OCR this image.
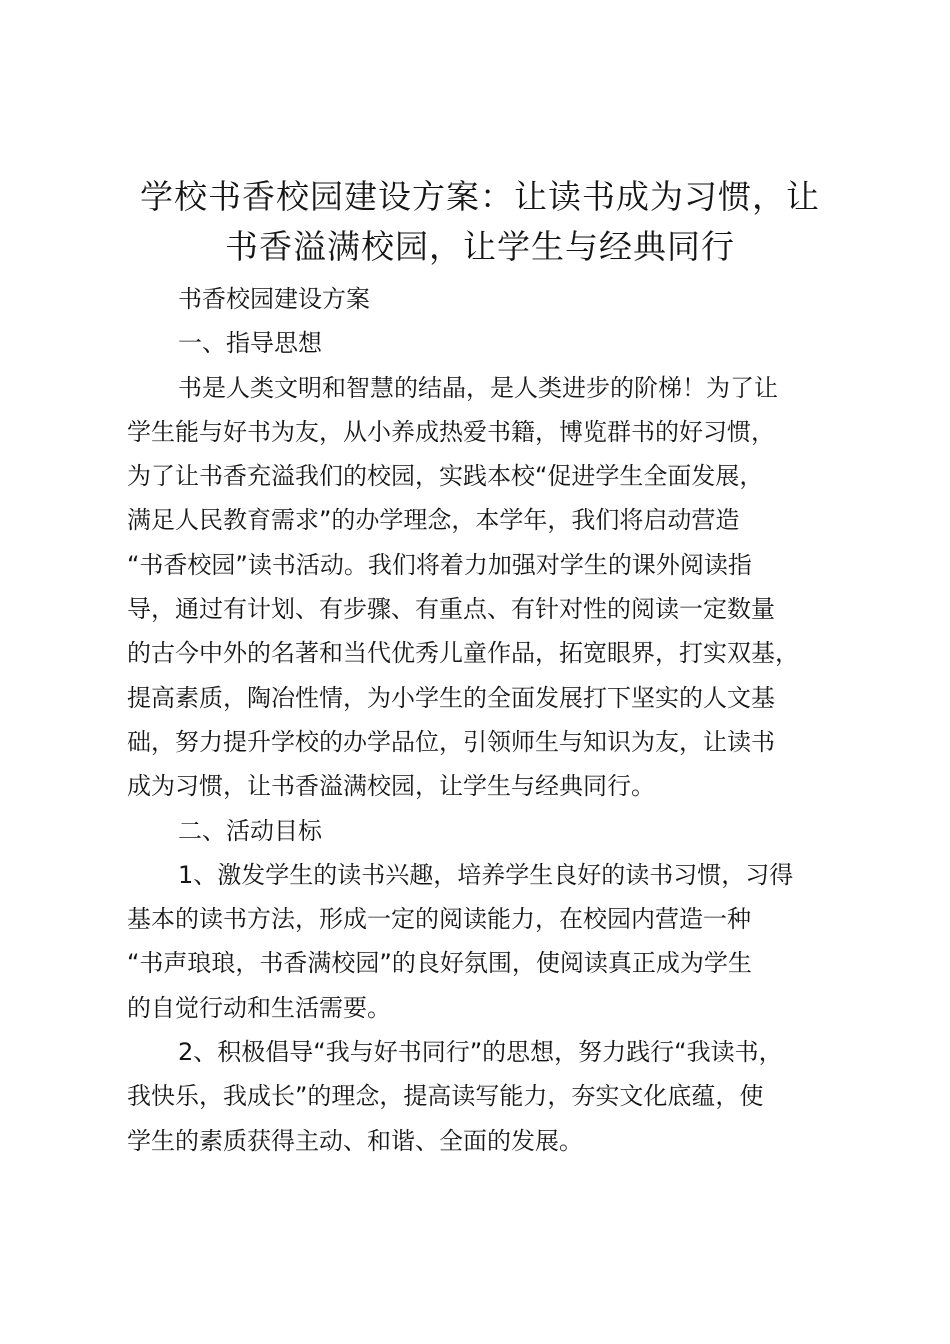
学校书香校园建设方案：让读书成为习惯，让
书香溢满校园，让学生与经典同行
书香校园建设方案
一、指导思想
书是人类文明和智慧的结晶，是人类进步的阶梯！为了让
学生能与好书为友，从小养成热爱书籍，博览群书的好习惯，
为了让书香充溢我们的校园，实践本校“促进学生全面发展，
满足人民教育需求”的办学理念，本学年，我们将启动营造
“书香校园”读书活动。我们将着力加强对学生的课外阅读指
导，通过有计划、有步骤、有重点、有针对性的阅读一定数量
的古今中外的名著和当代优秀儿童作品，拓宽眼界，打实双基，
提高素质，陶冶性情，为小学生的全面发展打下坚实的人文基
础，努力提升学校的办学品位，引领师生与知识为友，让读书
成为习惯，让书香溢满校园，让学生与经典同行。
二、活动目标
1、激发学生的读书兴趣，培养学生良好的读书习惯，习得
基本的读书方法，形成一定的阅读能力，在校园内营造一种
“书声琅琅，书香满校园”的良好氛围，使阅读真正成为学生
的自觉行动和生活需要。
2、积极倡导“我与好书同行”的思想，努力践行“我读书，
我快乐，我成长”的理念，提高读写能力，夯实文化底蕴，使
学生的素质获得主动、和谐、全面的发展。
